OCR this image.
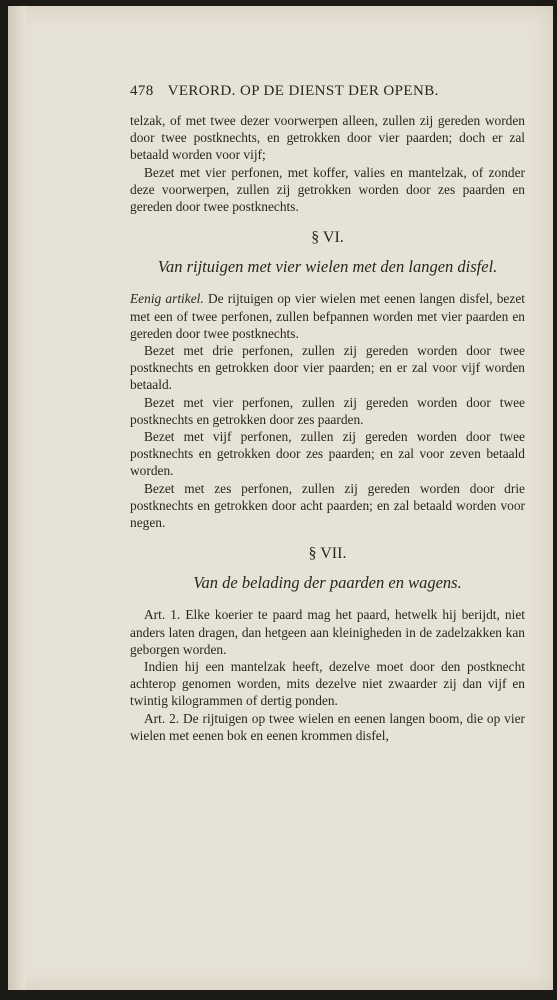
478 VERORD. OP DE DIENST DER OPENB.

telzak, of met twee dezer voorwerpen alleen, zullen zij gereden worden door twee postknechts, en getrokken door vier paarden; doch er zal betaald worden voor vijf;

Bezet met vier perfonen, met koffer, valies en mantelzak, of zonder deze voorwerpen, zullen zij getrokken worden door zes paarden en gereden door twee postknechts.

§ VI.

Van rijtuigen met vier wielen met den langen disfel.

Eenig artikel. De rijtuigen op vier wielen met eenen langen disfel, bezet met een of twee perfonen, zullen befpannen worden met vier paarden en gereden door twee postknechts.

Bezet met drie perfonen, zullen zij gereden worden door twee postknechts en getrokken door vier paarden; en er zal voor vijf worden betaald.

Bezet met vier perfonen, zullen zij gereden worden door twee postknechts en getrokken door zes paarden.

Bezet met vijf perfonen, zullen zij gereden worden door twee postknechts en getrokken door zes paarden; en zal voor zeven betaald worden.

Bezet met zes perfonen, zullen zij gereden worden door drie postknechts en getrokken door acht paarden; en zal betaald worden voor negen.

§ VII.

Van de belading der paarden en wagens.

Art. 1. Elke koerier te paard mag het paard, hetwelk hij berijdt, niet anders laten dragen, dan hetgeen aan kleinigheden in de zadelzakken kan geborgen worden.

Indien hij een mantelzak heeft, dezelve moet door den postknecht achterop genomen worden, mits dezelve niet zwaarder zij dan vijf en twintig kilogrammen of dertig ponden.

Art. 2. De rijtuigen op twee wielen en eenen langen boom, die op vier wielen met eenen bok en eenen krommen disfel,
